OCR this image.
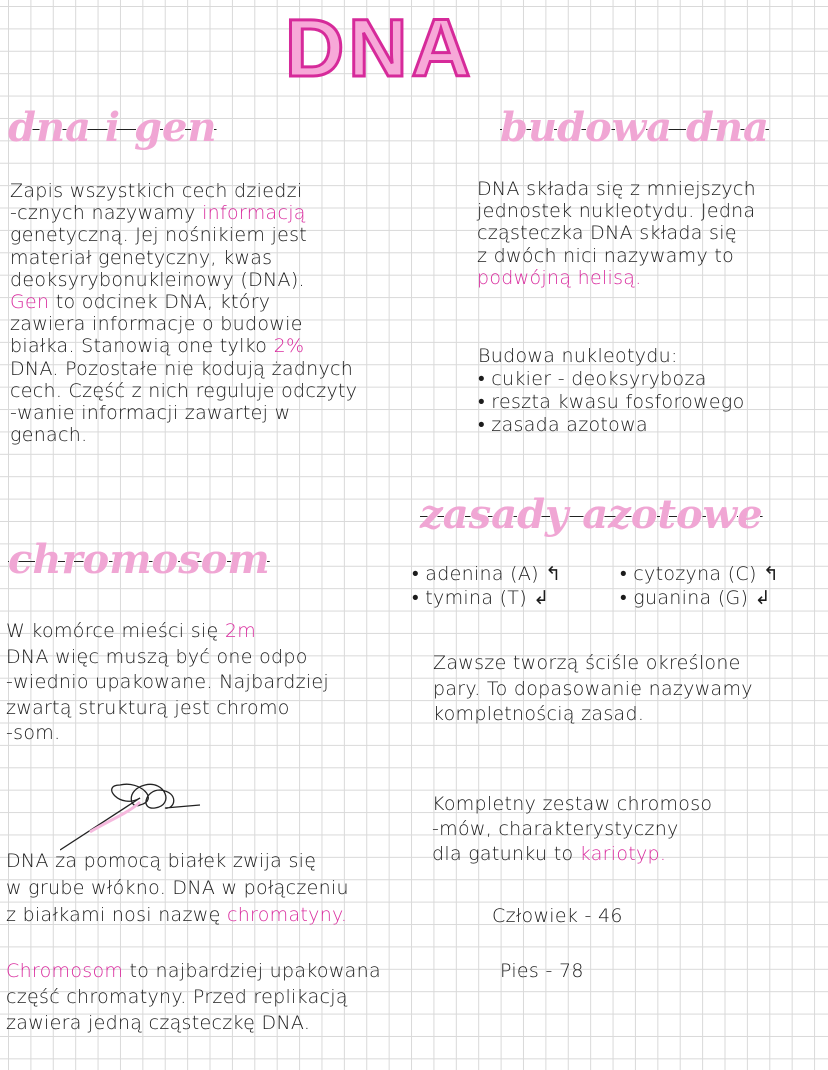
DNA
dna i gen	budowa dna
zasady azotowe
chromosom
Zapis wszystkich cech dziedzi
-cznych nazywamy informacją
genetyczną. Jej nośnikiem jest
materiał genetyczny, kwas
deoksyrybonukleinowy (DNA).
Gen to odcinek DNA, który
zawiera informacje o budowie
białka. Stanowią one tylko 2%
DNA. Pozostałe nie kodują żadnych
cech. Część z nich reguluje odczyty
-wanie informacji zawartej w
genach.
DNA składa się z mniejszych
jednostek nukleotydu. Jedna
cząsteczka DNA składa się
z dwóch nici nazywamy to
podwójną helisą.
Budowa nukleotydu:
• cukier - deoksyryboza
• reszta kwasu fosforowego
• zasada azotowa
• adenina (A) ↰
• tymina (T) ↲
• cytozyna (C) ↰
• guanina (G) ↲
W komórce mieści się 2m
DNA więc muszą być one odpo
-wiednio upakowane. Najbardziej
zwartą strukturą jest chromo
-som.
Zawsze tworzą ściśle określone
pary. To dopasowanie nazywamy
kompletnością zasad.
Kompletny zestaw chromoso
-mów, charakterystyczny
dla gatunku to kariotyp.
DNA za pomocą białek zwija się
w grube włókno. DNA w połączeniu
z białkami nosi nazwę chromatyny.	Człowiek - 46
Chromosom to najbardziej upakowana
część chromatyny. Przed replikacją
zawiera jedną cząsteczkę DNA.
Pies - 78
